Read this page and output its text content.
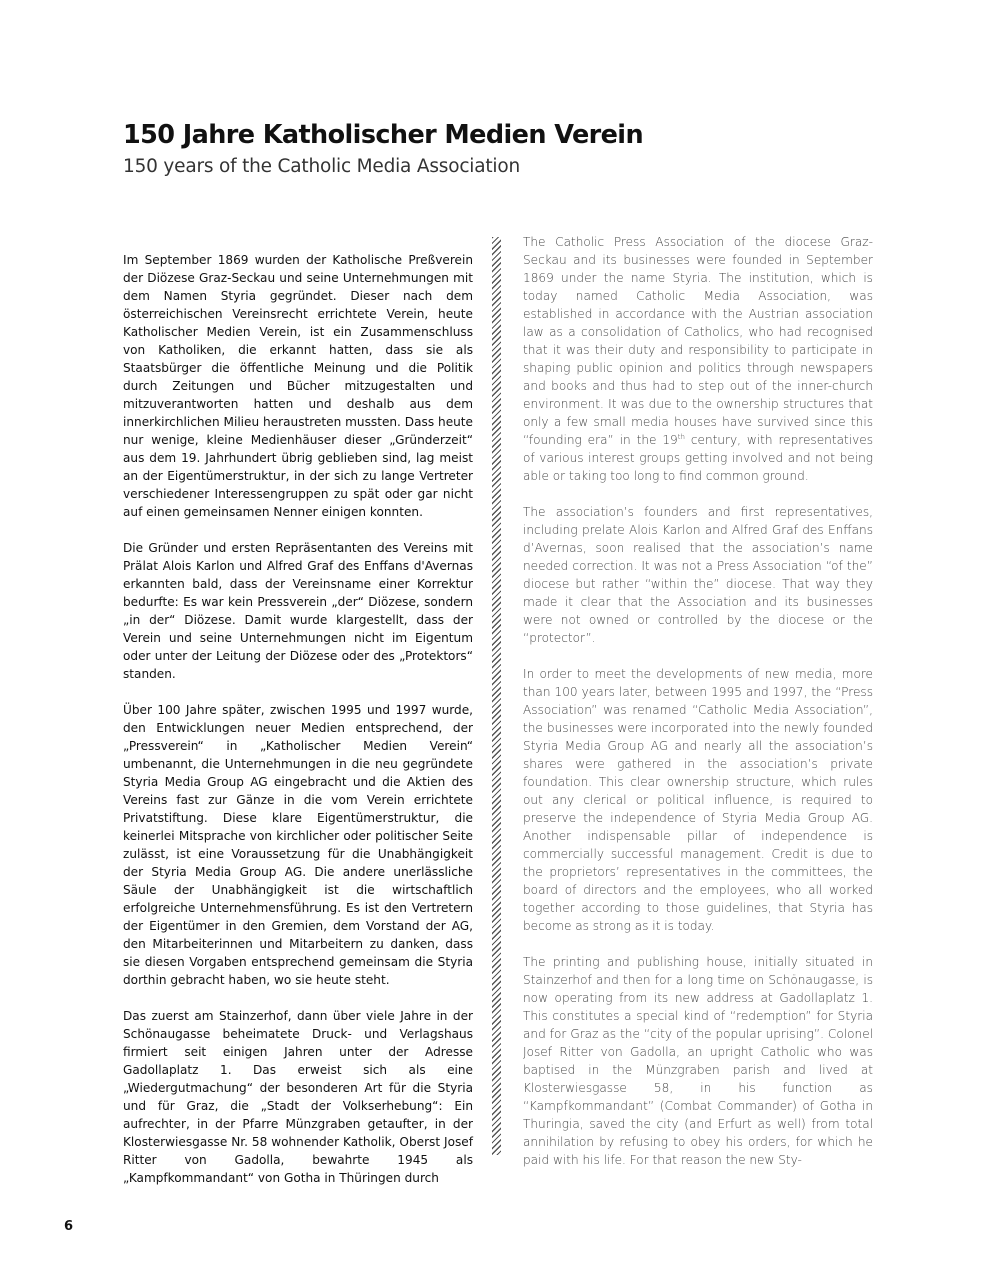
150 Jahre Katholischer Medien Verein
150 years of the Catholic Media Association

Im September 1869 wurden der Katholische Preßverein der Diözese Graz-Seckau und seine Unternehmungen mit dem Namen Styria gegründet. Dieser nach dem österreichischen Vereinsrecht errichtete Verein, heute Katholischer Medien Verein, ist ein Zusammenschluss von Katholiken, die erkannt hatten, dass sie als Staatsbürger die öffentliche Meinung und die Politik durch Zeitungen und Bücher mitzugestalten und mitzuverantworten hatten und deshalb aus dem innerkirchlichen Milieu heraustreten mussten. Dass heute nur wenige, kleine Medienhäuser dieser „Gründerzeit“ aus dem 19. Jahrhundert übrig geblieben sind, lag meist an der Eigentümerstruktur, in der sich zu lange Vertreter verschiedener Interessengruppen zu spät oder gar nicht auf einen gemeinsamen Nenner einigen konnten.

Die Gründer und ersten Repräsentanten des Vereins mit Prälat Alois Karlon und Alfred Graf des Enffans d'Avernas erkannten bald, dass der Vereinsname einer Korrektur bedurfte: Es war kein Pressverein „der“ Diözese, sondern „in der“ Diözese. Damit wurde klargestellt, dass der Verein und seine Unternehmungen nicht im Eigentum oder unter der Leitung der Diözese oder des „Protektors“ standen.

Über 100 Jahre später, zwischen 1995 und 1997 wurde, den Entwicklungen neuer Medien entsprechend, der „Pressverein“ in „Katholischer Medien Verein“ umbenannt, die Unternehmungen in die neu gegründete Styria Media Group AG eingebracht und die Aktien des Vereins fast zur Gänze in die vom Verein errichtete Privatstiftung. Diese klare Eigentümerstruktur, die keinerlei Mitsprache von kirchlicher oder politischer Seite zulässt, ist eine Voraussetzung für die Unabhängigkeit der Styria Media Group AG. Die andere unerlässliche Säule der Unabhängigkeit ist die wirtschaftlich erfolgreiche Unternehmensführung. Es ist den Vertretern der Eigentümer in den Gremien, dem Vorstand der AG, den Mitarbeiterinnen und Mitarbeitern zu danken, dass sie diesen Vorgaben entsprechend gemeinsam die Styria dorthin gebracht haben, wo sie heute steht.

Das zuerst am Stainzerhof, dann über viele Jahre in der Schönaugasse beheimatete Druck- und Verlagshaus firmiert seit einigen Jahren unter der Adresse Gadollaplatz 1. Das erweist sich als eine „Wiedergutmachung“ der besonderen Art für die Styria und für Graz, die „Stadt der Volkserhebung“: Ein aufrechter, in der Pfarre Münzgraben getaufter, in der Klosterwiesgasse Nr. 58 wohnender Katholik, Oberst Josef Ritter von Gadolla, bewahrte 1945 als „Kampfkommandant“ von Gotha in Thüringen durch

The Catholic Press Association of the diocese Graz-Seckau and its businesses were founded in September 1869 under the name Styria. The institution, which is today named Catholic Media Association, was established in accordance with the Austrian association law as a consolidation of Catholics, who had recognised that it was their duty and responsibility to participate in shaping public opinion and politics through newspapers and books and thus had to step out of the inner-church environment. It was due to the ownership structures that only a few small media houses have survived since this “founding era” in the 19th century, with representatives of various interest groups getting involved and not being able or taking too long to find common ground.

The association’s founders and first representatives, including prelate Alois Karlon and Alfred Graf des Enffans d’Avernas, soon realised that the association’s name needed correction. It was not a Press Association “of the” diocese but rather “within the” diocese. That way they made it clear that the Association and its businesses were not owned or controlled by the diocese or the “protector”.

In order to meet the developments of new media, more than 100 years later, between 1995 and 1997, the “Press Association” was renamed “Catholic Media Association”, the businesses were incorporated into the newly founded Styria Media Group AG and nearly all the association’s shares were gathered in the association’s private foundation. This clear ownership structure, which rules out any clerical or political influence, is required to preserve the independence of Styria Media Group AG. Another indispensable pillar of independence is commercially successful management. Credit is due to the proprietors’ representatives in the committees, the board of directors and the employees, who all worked together according to those guidelines, that Styria has become as strong as it is today.

The printing and publishing house, initially situated in Stainzerhof and then for a long time on Schönaugasse, is now operating from its new address at Gadollaplatz 1. This constitutes a special kind of “redemption” for Styria and for Graz as the “city of the popular uprising”. Colonel Josef Ritter von Gadolla, an upright Catholic who was baptised in the Münzgraben parish and lived at Klosterwiesgasse 58, in his function as “Kampfkommandant” (Combat Commander) of Gotha in Thuringia, saved the city (and Erfurt as well) from total annihilation by refusing to obey his orders, for which he paid with his life. For that reason the new Sty-

6
